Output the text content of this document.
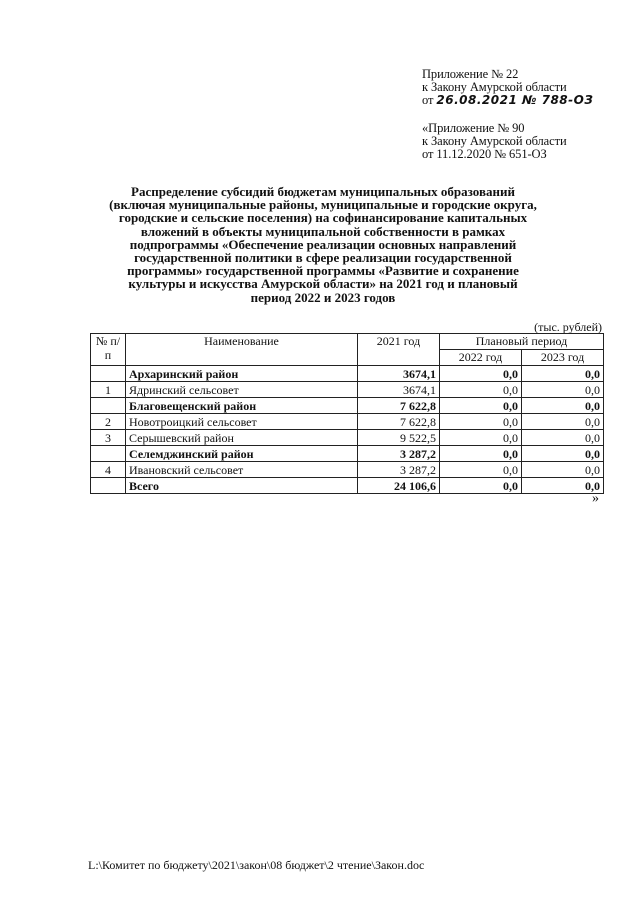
Приложение № 22
к Закону Амурской области
от 26.08.2021 № 788-ОЗ
«Приложение № 90
к Закону Амурской области
от 11.12.2020 № 651-ОЗ
Распределение субсидий бюджетам муниципальных образований
(включая муниципальные районы, муниципальные и городские округа,
городские и сельские поселения) на софинансирование капитальных
вложений в объекты муниципальной собственности в рамках
подпрограммы «Обеспечение реализации основных направлений
государственной политики в сфере реализации государственной
программы» государственной программы «Развитие и сохранение
культуры и искусства Амурской области» на 2021 год и плановый
период 2022 и 2023 годов
(тыс. рублей)
№ п/п	Наименование	2021 год	Плановый период	
			2022 год	2023 год
	Архаринский район	3674,1	0,0	0,0
1	Ядринский сельсовет	3674,1	0,0	0,0
	Благовещенский район	7 622,8	0,0	0,0
2	Новотроицкий сельсовет	7 622,8	0,0	0,0
3	Серышевский район	9 522,5	0,0	0,0
	Селемджинский район	3 287,2	0,0	0,0
4	Ивановский сельсовет	3 287,2	0,0	0,0
	Всего	24 106,6	0,0	0,0
»
L:\Комитет по бюджету\2021\закон\08 бюджет\2 чтение\Закон.doc
